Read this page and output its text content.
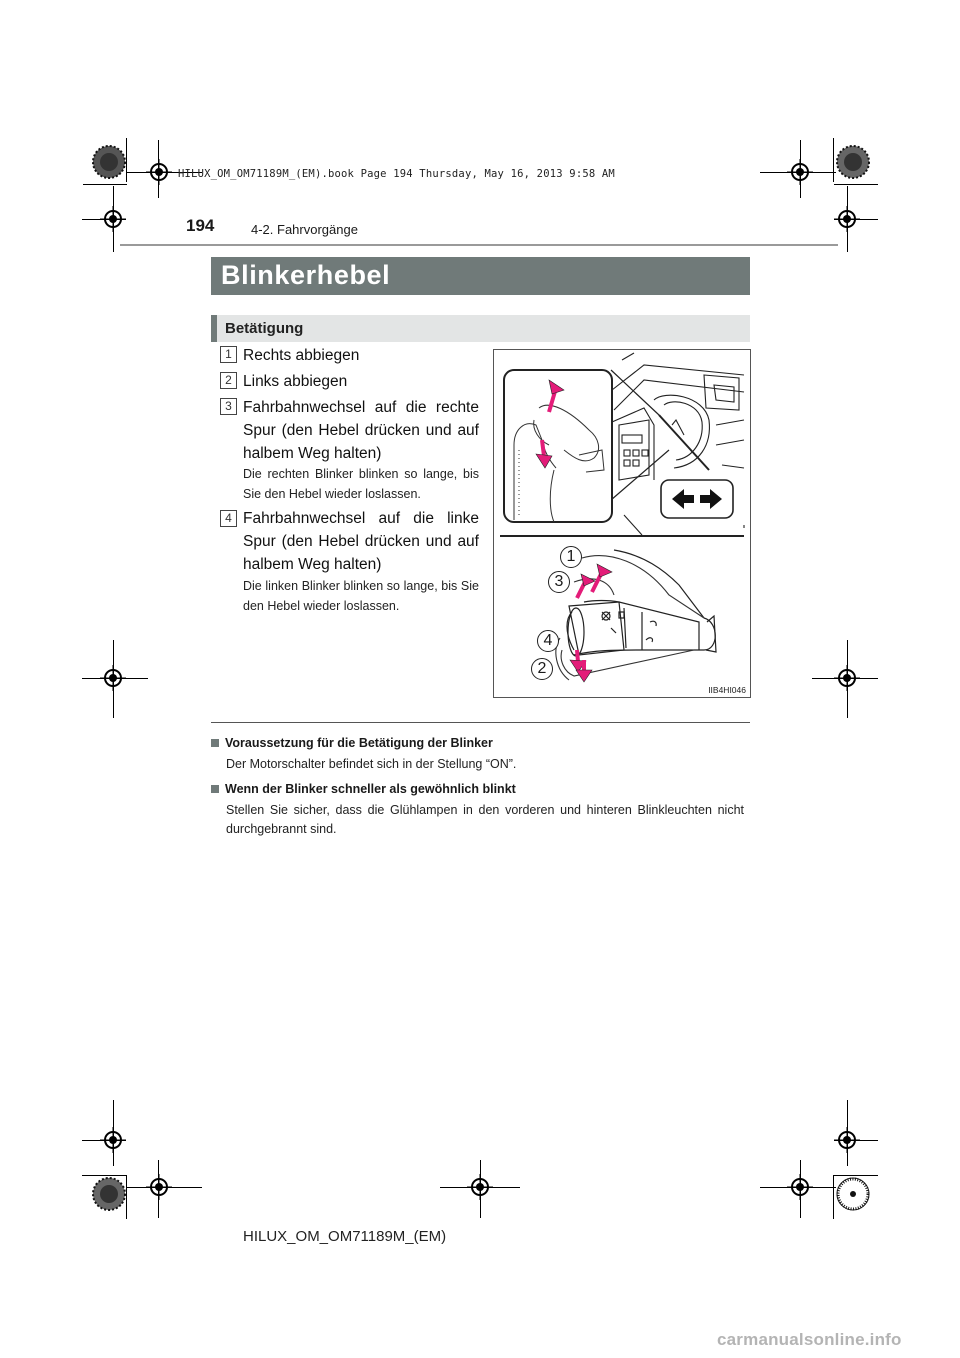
HILUX_OM_OM71189M_(EM).book Page 194 Thursday, May 16, 2013 9:58 AM
194	4-2. Fahrvorgänge
Blinkerhebel
Betätigung
1 Rechts abbiegen
2 Links abbiegen
3 Fahrbahnwechsel auf die rechte Spur (den Hebel drücken und auf halbem Weg halten)
Die rechten Blinker blinken so lange, bis Sie den Hebel wieder loslassen.
4 Fahrbahnwechsel auf die linke Spur (den Hebel drücken und auf halbem Weg halten)
Die linken Blinker blinken so lange, bis Sie den Hebel wieder loslassen.
1
3
4
2
IIB4HI046
Voraussetzung für die Betätigung der Blinker
Der Motorschalter befindet sich in der Stellung “ON”.
Wenn der Blinker schneller als gewöhnlich blinkt
Stellen Sie sicher, dass die Glühlampen in den vorderen und hinteren Blinkleuchten nicht durchgebrannt sind.
HILUX_OM_OM71189M_(EM)
carmanualsonline.info
